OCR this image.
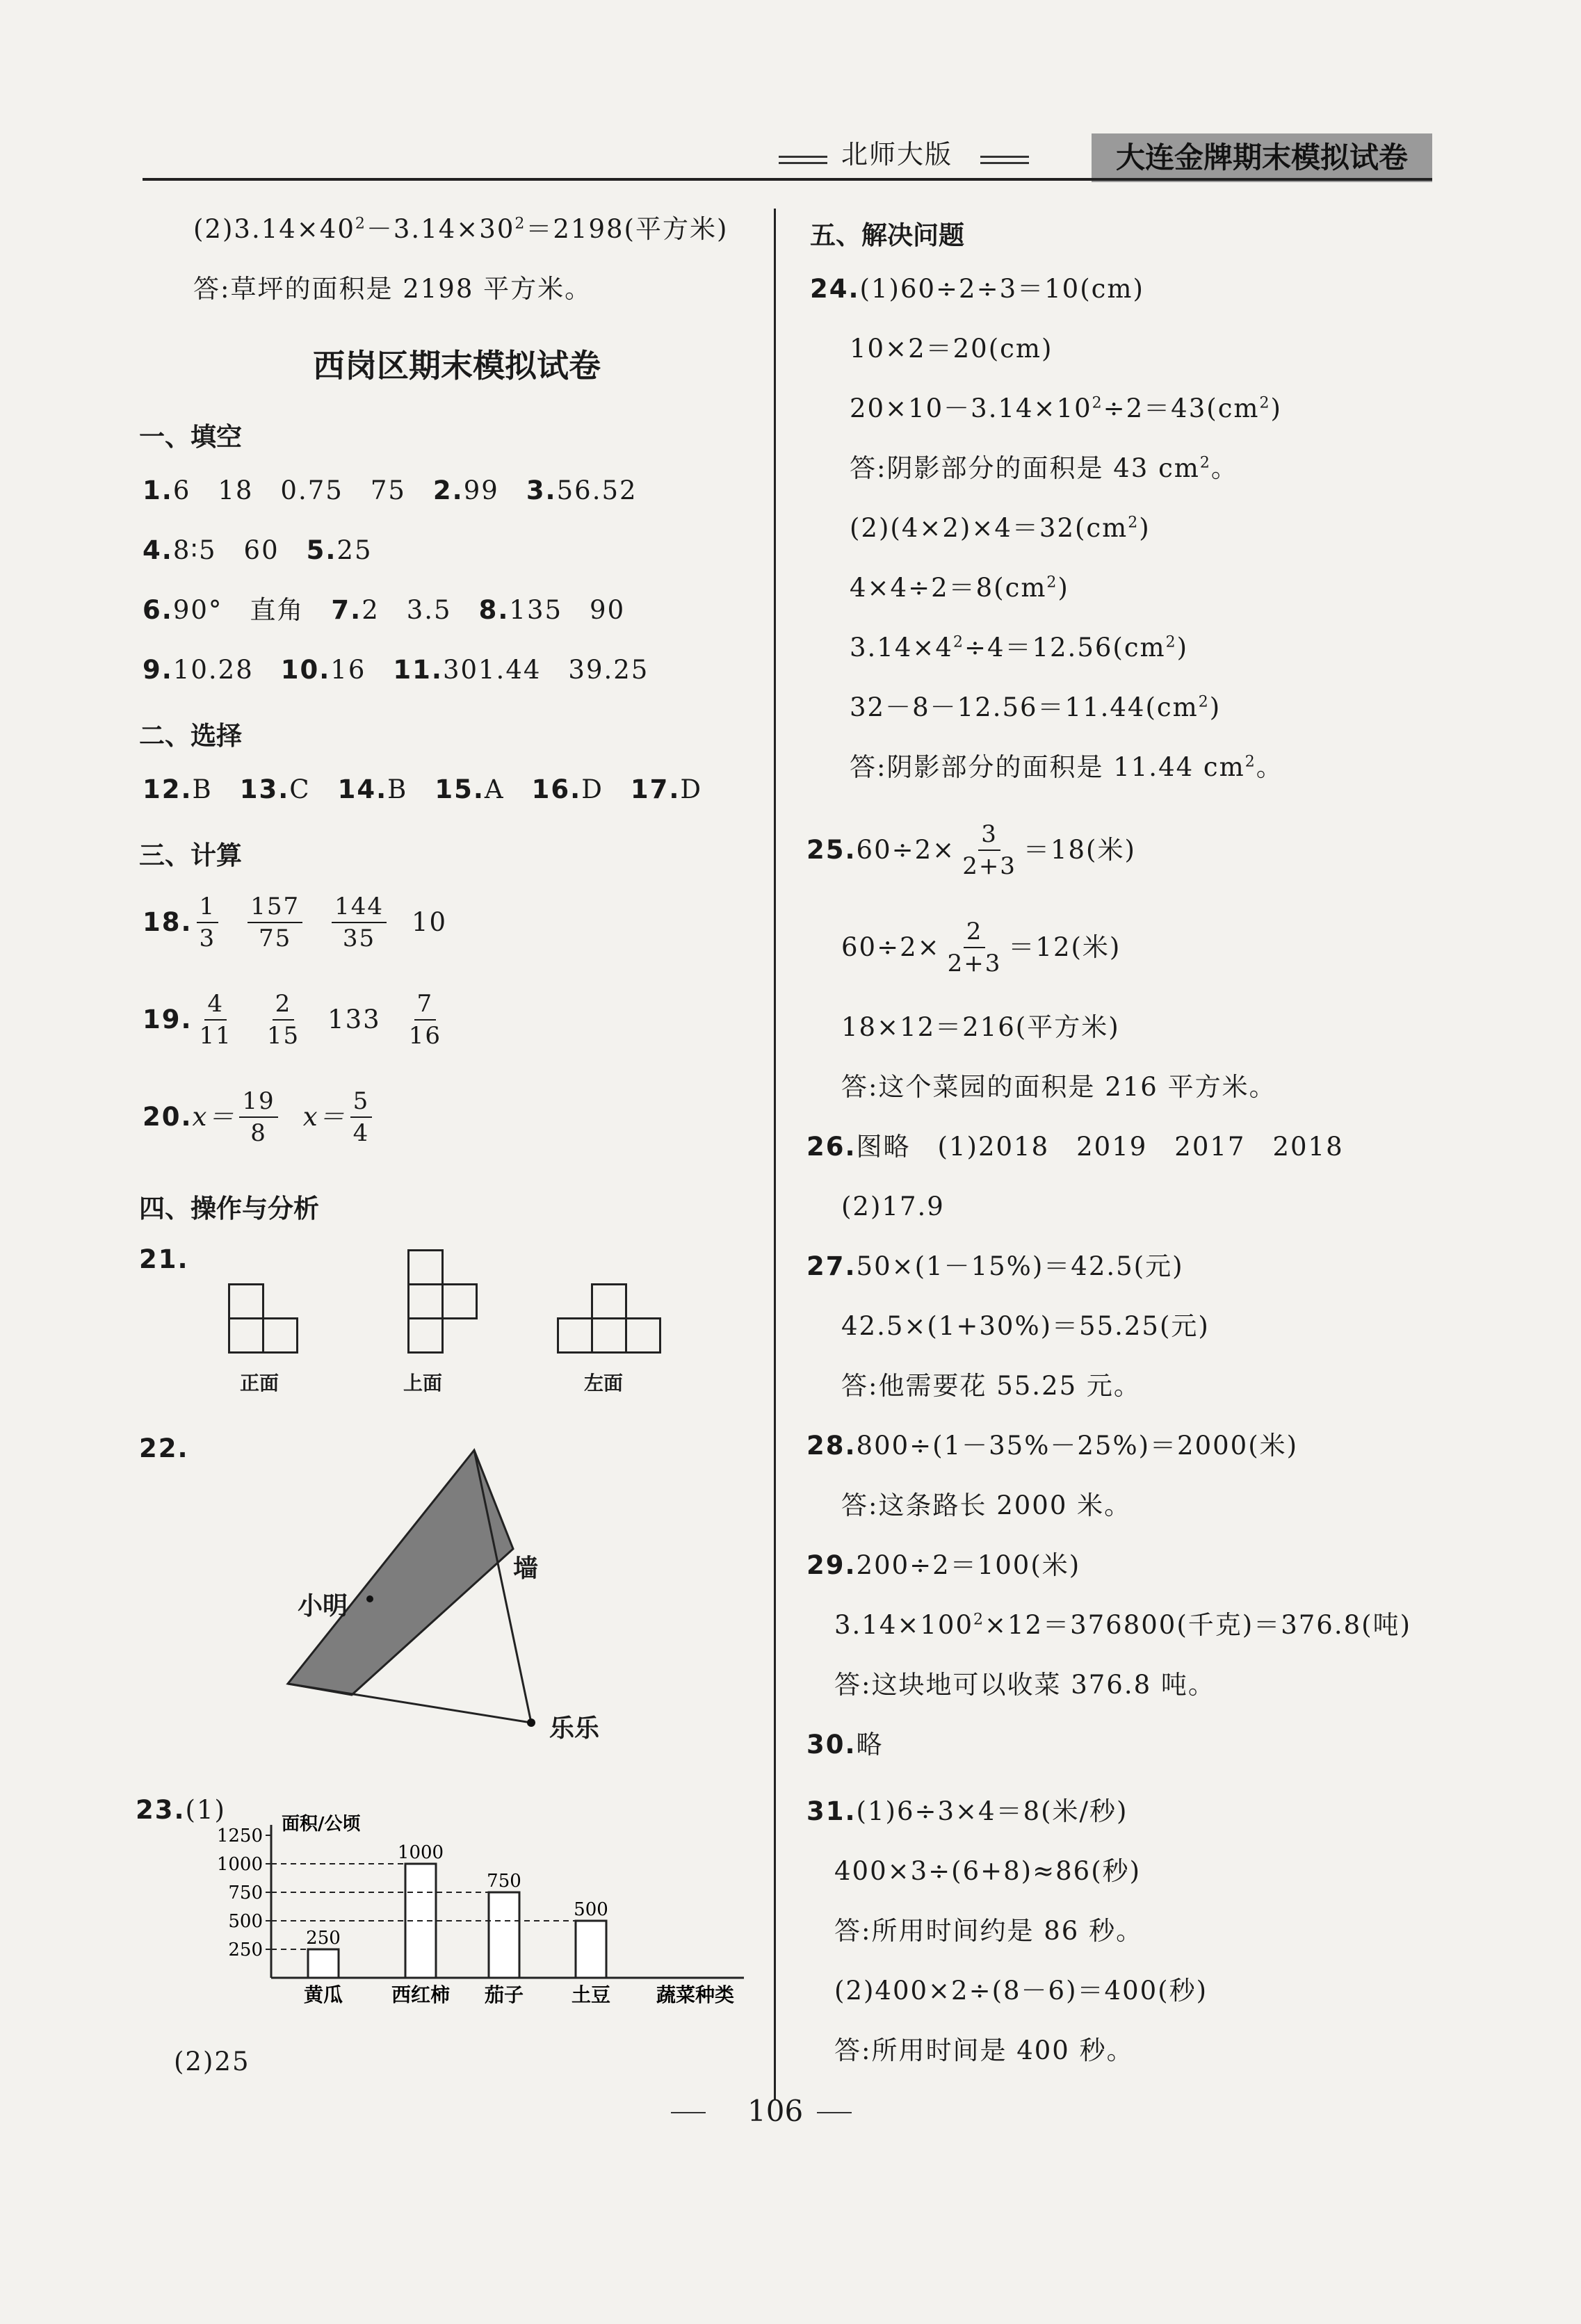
北师大版	大连金牌期末模拟试卷
$(2)3.14\times 40^2-3.14\times 30^2=2198$(平方米)
答:草坪的面积是 2198 平方米。
西岗区期末模拟试卷
一、填空
1.6　18　0.75　75　2.99　3.56.52
4.8∶5　60　5.25
6.90°　直角　7.2　3.5　8.135　90
9.10.28　10.16　11.301.44　39.25
二、选择
12.B　13.C　14.B　15.A　16.D　17.D
三、计算
18. $\frac{1}{3} \frac{157}{75} \frac{144}{35} 10$
19. $\frac{4}{11} \frac{2}{15} 133 \frac{7}{16}$
20. $x= \frac{19}{8} x= \frac{5}{4}$
四、操作与分析
21.
正面	上面	左面
22.
小明
墙
乐乐
23.(1)
1250
1000
750
500
250
面积/公顷
250
黄瓜
1000
西红柿
750
茄子
500
土豆 蔬菜种类
(2)25
五、解决问题
24.(1)60÷2÷3＝10(cm)
10×2＝20(cm)
$20\times 10-3.14\times 10^2\div 2=43(cm^2)$
答:阴影部分的面积是 43 $cm^2$。
$(2)(4\times 2)\times 4=32(cm^2)$
$4\times 4\div 2=8(cm^2)$
$3.14\times 4^2\div 4=12.56(cm^2)$
$32-8-12.56=11.44(cm^2)$
答:阴影部分的面积是 11.44 $cm^2$。
25. $60\div 2\times \frac{3}{2+3} =18$(米)
$60\div 2\times \frac{2}{2+3} =12$(米)
18×12＝216(平方米)
答:这个菜园的面积是 216 平方米。
26.图略　(1)2018　2019　2017　2018
(2)17.9
27.50×(1－15%)＝42.5(元)
42.5×(1+30%)＝55.25(元)
答:他需要花 55.25 元。
28.800÷(1－35%－25%)＝2000(米)
答:这条路长 2000 米。
29.200÷2＝100(米)
$3.14\times 100^2\times 12=376800$(千克)＝376.8(吨)
答:这块地可以收菜 376.8 吨。
30.略
31.(1)6÷3×4＝8(米/秒)
400×3÷(6+8)≈86(秒)
答:所用时间约是 86 秒。
(2)400×2÷(8－6)＝400(秒)
答:所用时间是 400 秒。
106
